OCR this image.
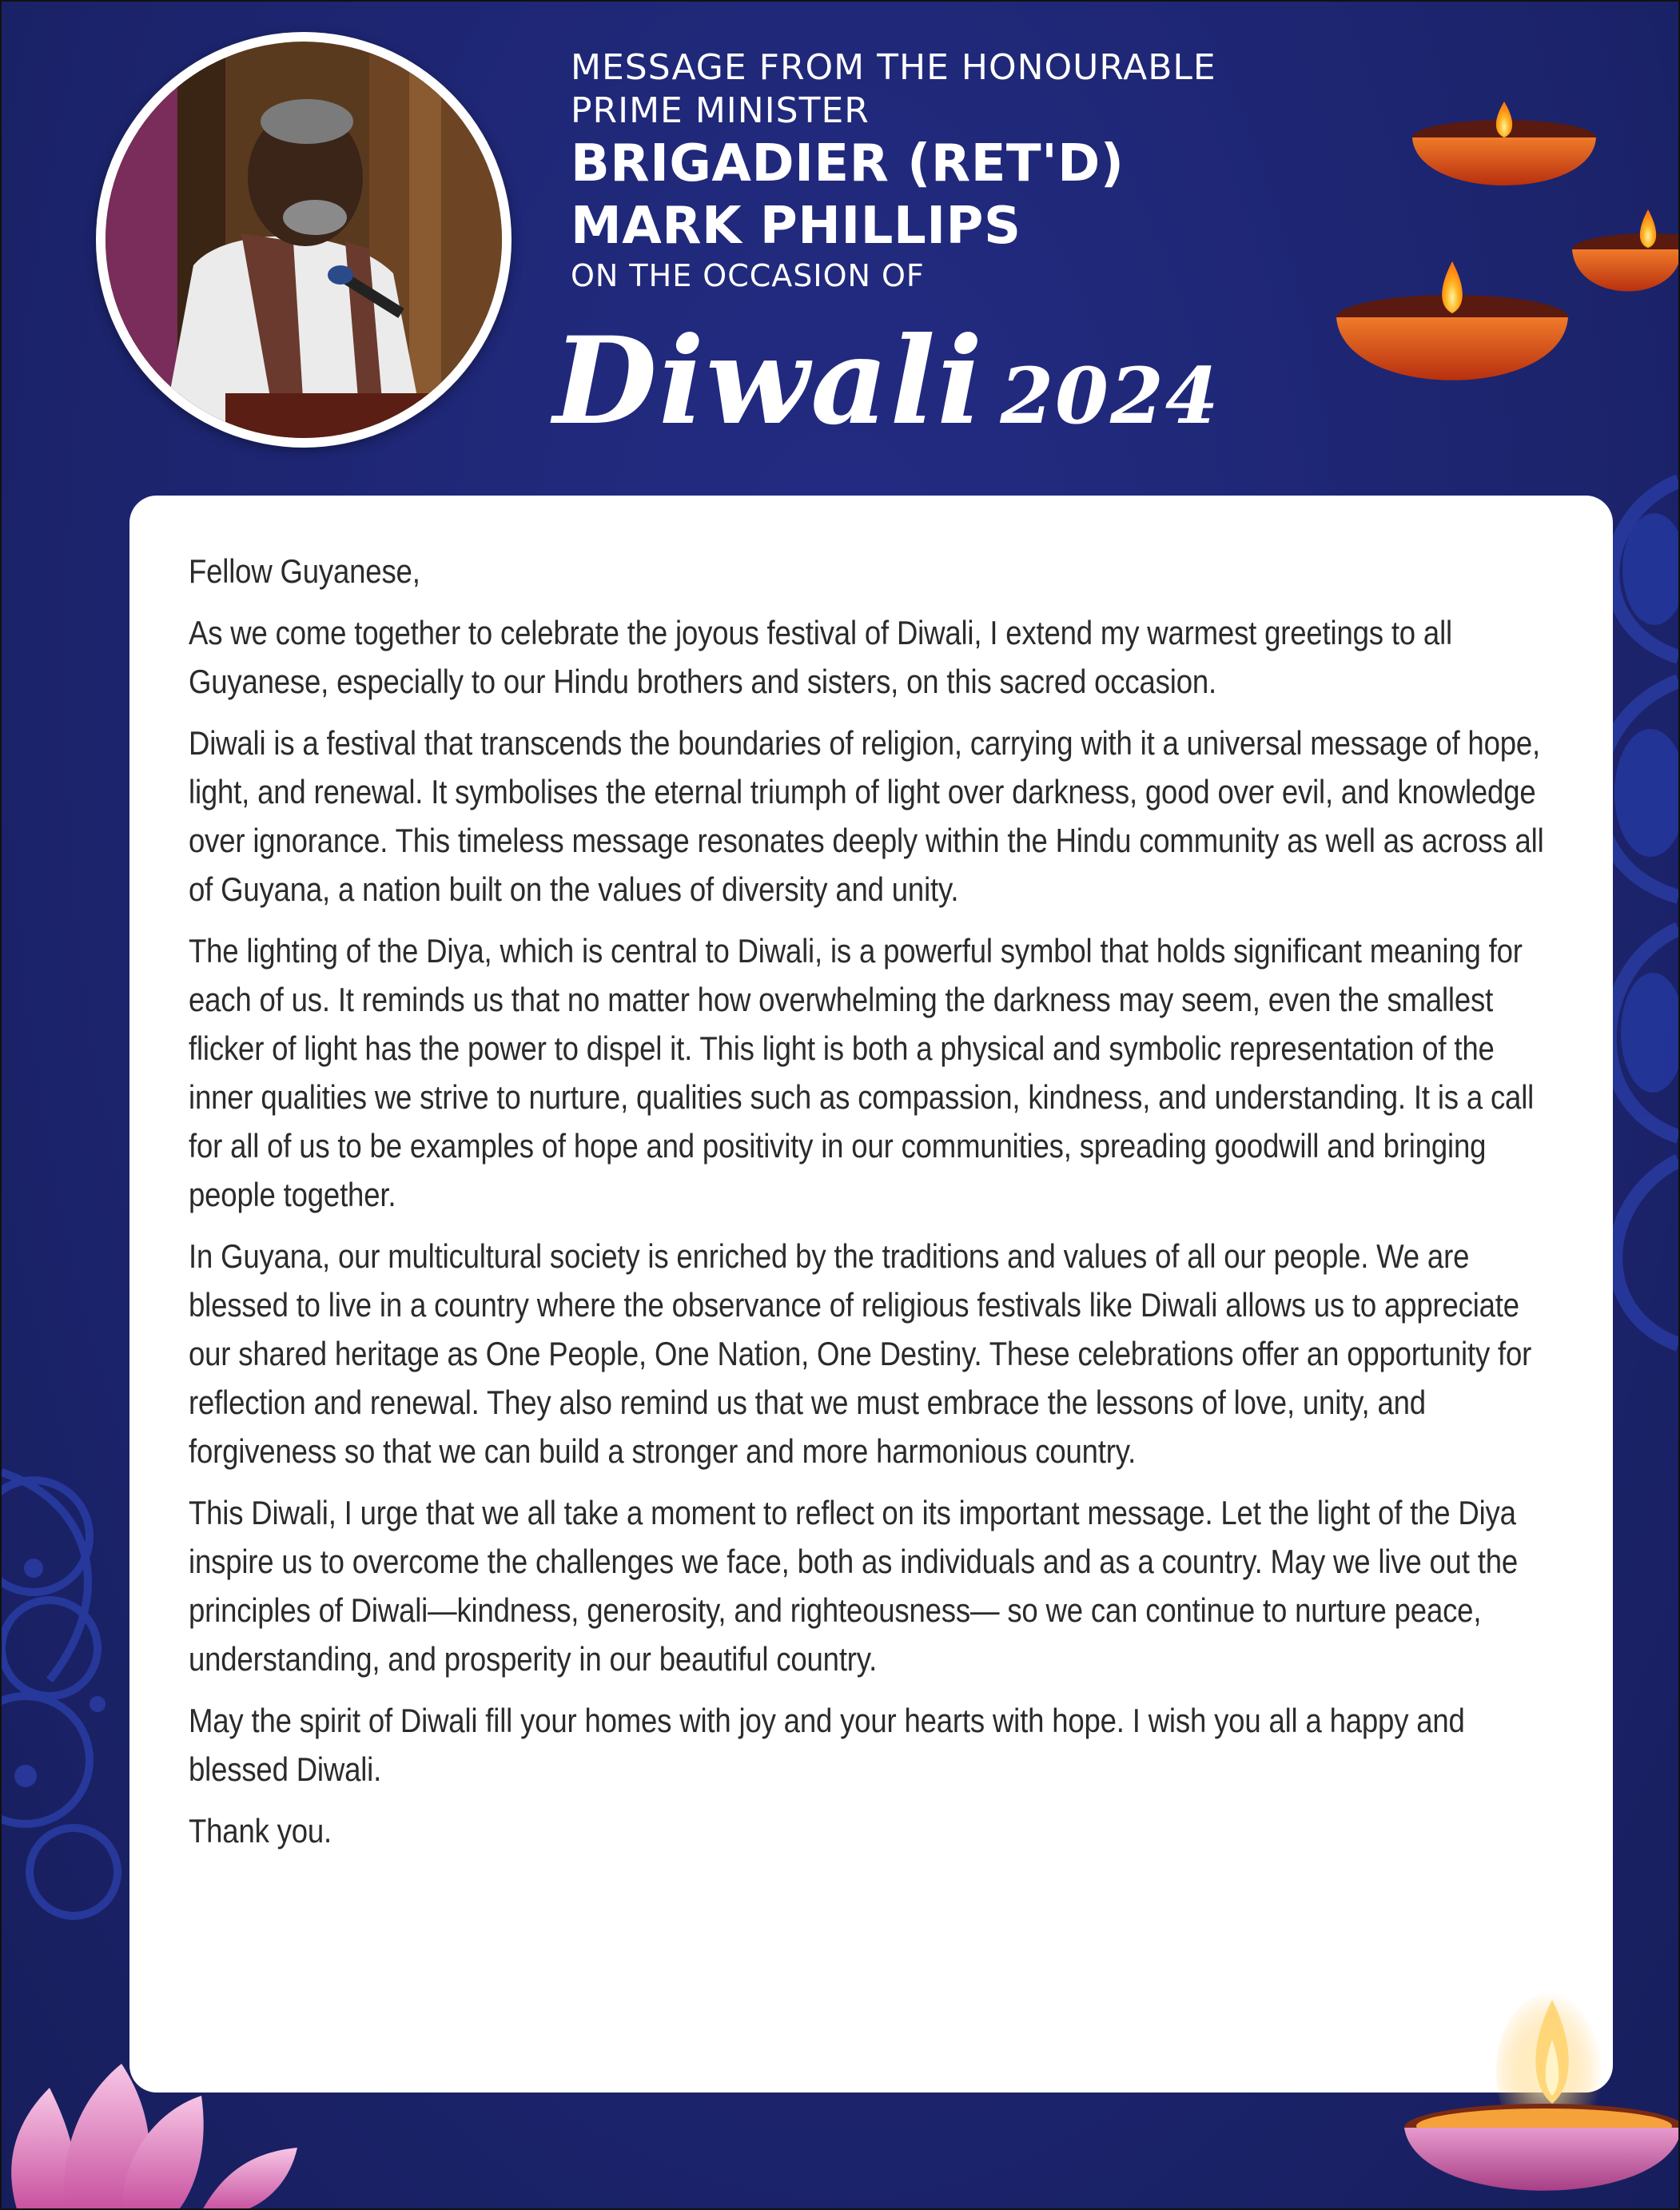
MESSAGE FROM THE HONOURABLE
PRIME MINISTER
BRIGADIER (RET'D)
MARK PHILLIPS
ON THE OCCASION OF
Diwali 2024

Fellow Guyanese,

As we come together to celebrate the joyous festival of Diwali, I extend my warmest greetings to all Guyanese, especially to our Hindu brothers and sisters, on this sacred occasion.

Diwali is a festival that transcends the boundaries of religion, carrying with it a universal message of hope, light, and renewal. It symbolises the eternal triumph of light over darkness, good over evil, and knowledge over ignorance. This timeless message resonates deeply within the Hindu community as well as across all of Guyana, a nation built on the values of diversity and unity.

The lighting of the Diya, which is central to Diwali, is a powerful symbol that holds significant meaning for each of us. It reminds us that no matter how overwhelming the darkness may seem, even the smallest flicker of light has the power to dispel it. This light is both a physical and symbolic representation of the inner qualities we strive to nurture, qualities such as compassion, kindness, and understanding. It is a call for all of us to be examples of hope and positivity in our communities, spreading goodwill and bringing people together.

In Guyana, our multicultural society is enriched by the traditions and values of all our people. We are blessed to live in a country where the observance of religious festivals like Diwali allows us to appreciate our shared heritage as One People, One Nation, One Destiny. These celebrations offer an opportunity for reflection and renewal. They also remind us that we must embrace the lessons of love, unity, and forgiveness so that we can build a stronger and more harmonious country.

This Diwali, I urge that we all take a moment to reflect on its important message. Let the light of the Diya inspire us to overcome the challenges we face, both as individuals and as a country. May we live out the principles of Diwali—kindness, generosity, and righteousness— so we can continue to nurture peace, understanding, and prosperity in our beautiful country.

May the spirit of Diwali fill your homes with joy and your hearts with hope. I wish you all a happy and blessed Diwali.

Thank you.
